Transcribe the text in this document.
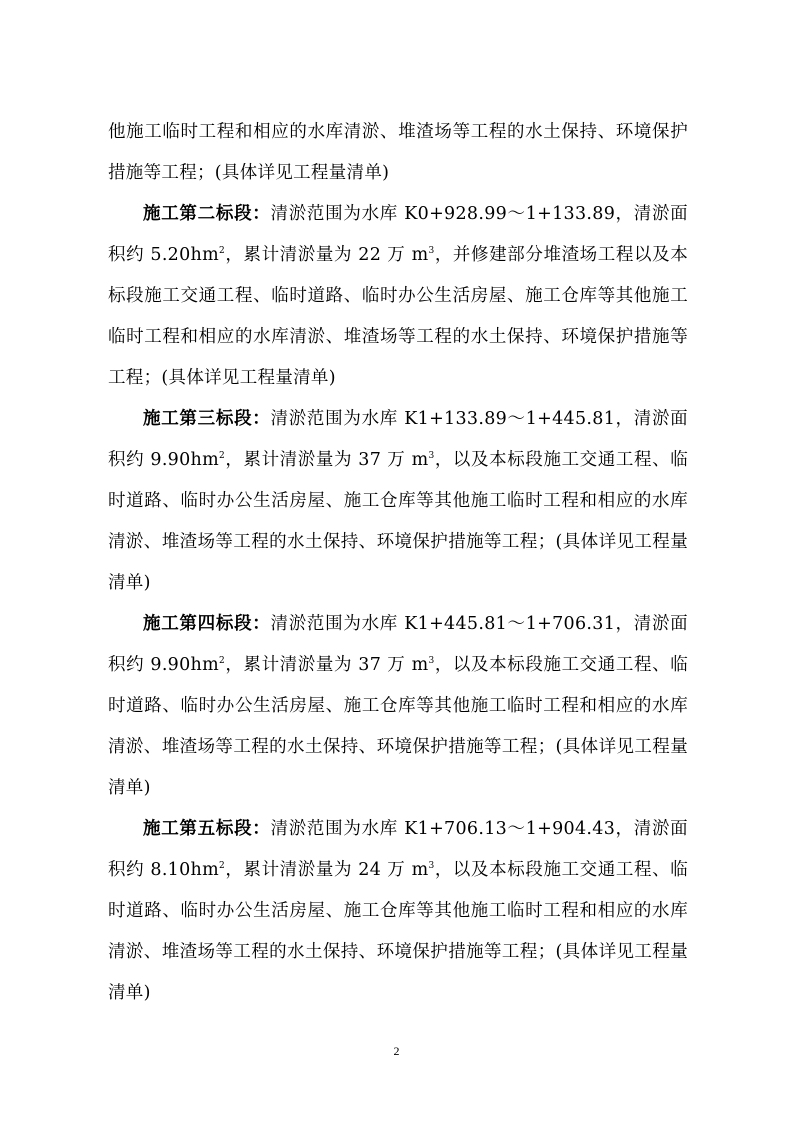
他施工临时工程和相应的水库清淤、堆渣场等工程的水土保持、环境保护措施等工程；(具体详见工程量清单)

施工第二标段：清淤范围为水库 K0+928.99～1+133.89，清淤面积约 $5.20hm^2$，累计清淤量为 22 万 $m^3$，并修建部分堆渣场工程以及本标段施工交通工程、临时道路、临时办公生活房屋、施工仓库等其他施工临时工程和相应的水库清淤、堆渣场等工程的水土保持、环境保护措施等工程；(具体详见工程量清单)

施工第三标段：清淤范围为水库 K1+133.89～1+445.81，清淤面积约 $9.90hm^2$，累计清淤量为 37 万 $m^3$，以及本标段施工交通工程、临时道路、临时办公生活房屋、施工仓库等其他施工临时工程和相应的水库清淤、堆渣场等工程的水土保持、环境保护措施等工程；(具体详见工程量清单)

施工第四标段：清淤范围为水库 K1+445.81～1+706.31，清淤面积约 $9.90hm^2$，累计清淤量为 37 万 $m^3$，以及本标段施工交通工程、临时道路、临时办公生活房屋、施工仓库等其他施工临时工程和相应的水库清淤、堆渣场等工程的水土保持、环境保护措施等工程；(具体详见工程量清单)

施工第五标段：清淤范围为水库 K1+706.13～1+904.43，清淤面积约 $8.10hm^2$，累计清淤量为 24 万 $m^3$，以及本标段施工交通工程、临时道路、临时办公生活房屋、施工仓库等其他施工临时工程和相应的水库清淤、堆渣场等工程的水土保持、环境保护措施等工程；(具体详见工程量清单)

2
